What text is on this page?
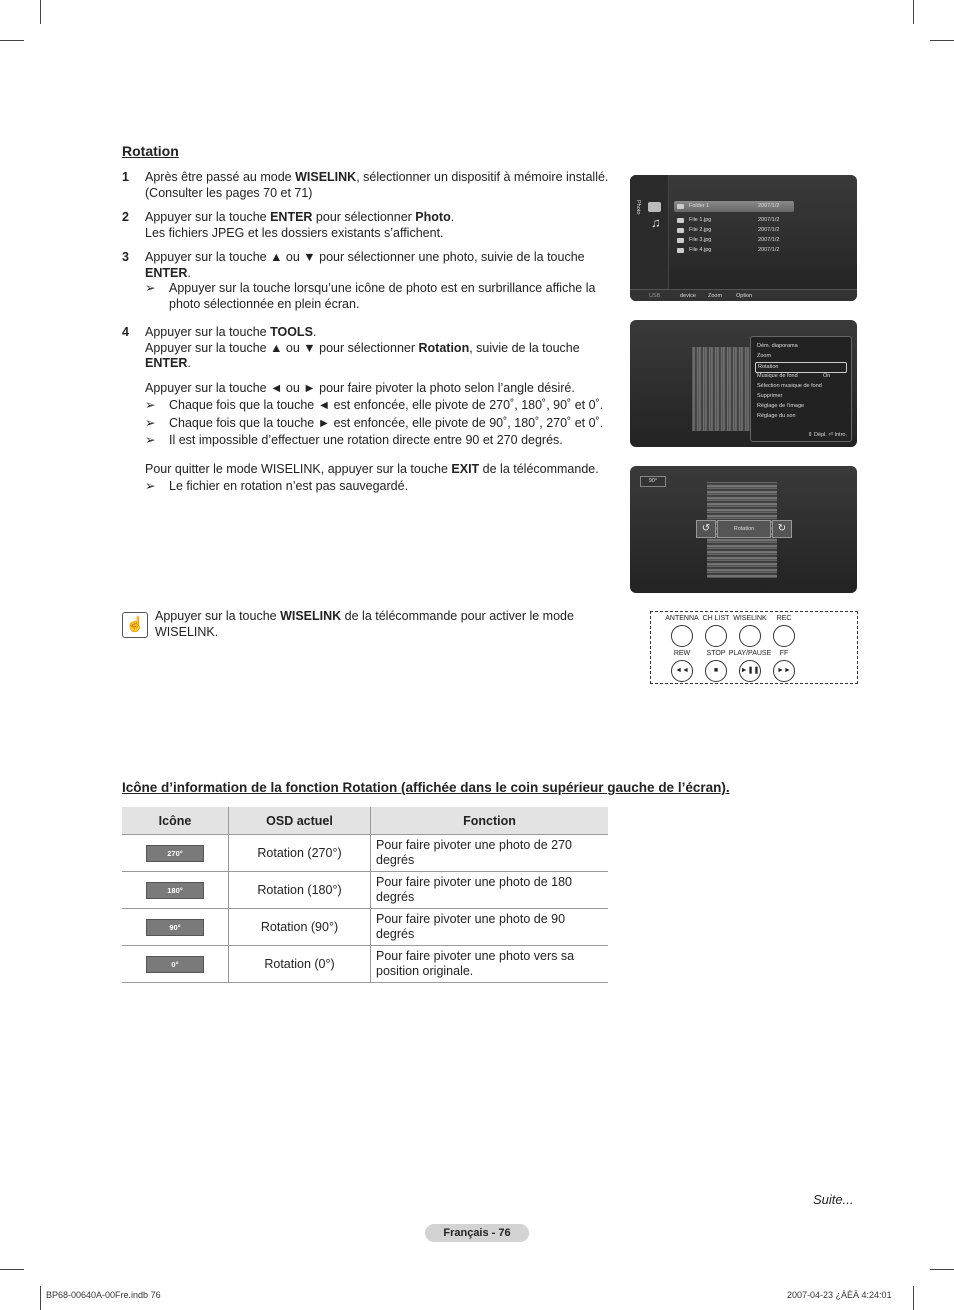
Rotation
1 Après être passé au mode WISELINK, sélectionner un dispositif à mémoire installé. (Consulter les pages 70 et 71)

2 Appuyer sur la touche ENTER pour sélectionner Photo.

Les fichiers JPEG et les dossiers existants s’affichent.

3 Appuyer sur la touche ▲ ou ▼ pour sélectionner une photo, suivie de la touche ENTER.

➢ Appuyer sur la touche lorsqu’une icône de photo est en surbrillance affiche la photo sélectionnée en plein écran.
4 Appuyer sur la touche TOOLS.

Appuyer sur la touche ▲ ou ▼ pour sélectionner Rotation, suivie de la touche ENTER.

Appuyer sur la touche ◄ ou ► pour faire pivoter la photo selon l’angle désiré.

➢ Chaque fois que la touche ◄ est enfoncée, elle pivote de 270˚, 180˚, 90˚ et 0˚.
➢ Chaque fois que la touche ► est enfoncée, elle pivote de 90˚, 180˚, 270˚ et 0˚.
➢ Il est impossible d’effectuer une rotation directe entre 90 et 270 degrés.

Pour quitter le mode WISELINK, appuyer sur la touche EXIT de la télécommande.

➢ Le fichier en rotation n’est pas sauvegardé.
Photo
♫
Folder 1	2007/1/2
File 1.jpg	2007/1/2
File 2.jpg	2007/1/2
File 3.jpg	2007/1/2
File 4.jpg	2007/1/2
USB	device Zoom	Option
Dém. diaporama
Zoom
Rotation
Musique de fond	On
Sélection musique de fond
Supprimer
Réglage de l’image
Réglage du son
⇕ Dépl. ⏎ Intro.
90°
↺	Rotation	↻
☝ Appuyer sur la touche WISELINK de la télécommande pour activer le mode WISELINK.

ANTENNA CH LIST WISELINK	REC
REW
◄◄
STOP
■
PLAY/PAUSE
►❚❚
FF
►►
Icône d’information de la fonction Rotation (affichée dans le coin supérieur gauche de l’écran).
Icône	OSD actuel	Fonction
270°	Rotation (270°)	Pour faire pivoter une photo de 270 degrés
180°	Rotation (180°)	Pour faire pivoter une photo de 180 degrés
90°	Rotation (90°)	Pour faire pivoter une photo de 90 degrés
0°	Rotation (0°)	Pour faire pivoter une photo vers sa position originale.
Suite...
Français - 76
BP68-00640A-00Fre.indb 76	2007-04-23 ¿ÀÈÄ 4:24:01
